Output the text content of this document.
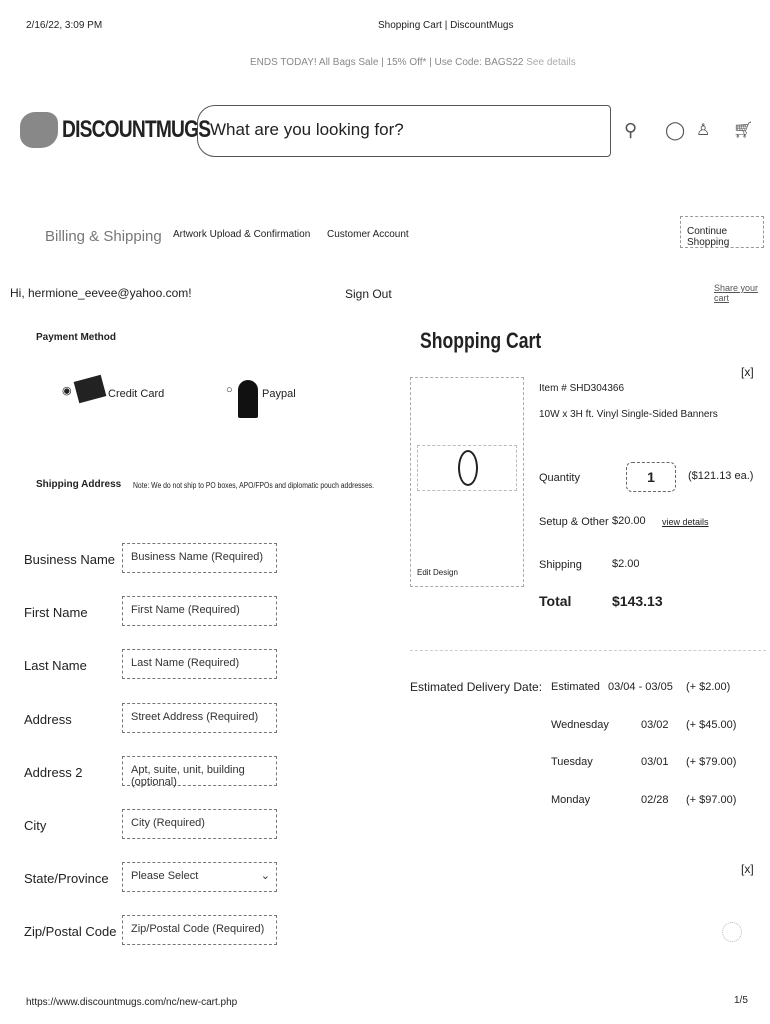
2/16/22, 3:09 PM	Shopping Cart | DiscountMugs
ENDS TODAY! All Bags Sale | 15% Off* | Use Code: BAGS22 See details
DISCOUNTMUGS What are you looking for?	⚲ ◯ ♙ 🛒︎
Billing & Shipping Artwork Upload & Confirmation Customer Account	Continue Shopping
Hi, hermione_eevee@yahoo.com!	Sign Out	Share your cart
Payment Method
◉	Credit Card	○	Paypal
Shipping Address Note: We do not ship to PO boxes, APO/FPOs and diplomatic pouch addresses.
Business Name	Business Name (Required)
First Name	First Name (Required)
Last Name	Last Name (Required)
Address	Street Address (Required)
Address 2	Apt, suite, unit, building (optional)
City	City (Required)
State/Province	Please Select	⌄
Zip/Postal Code	Zip/Postal Code (Required)
Shopping Cart
[x]
Edit Design
Item # SHD304366
10W x 3H ft. Vinyl Single-Sided Banners
Quantity	1	($121.13 ea.)
Setup & Other $20.00 view details
Shipping	$2.00
Total	$143.13
Estimated Delivery Date: Estimated 03/04 - 03/05 (+ $2.00)
Wednesday	03/02 (+ $45.00)
Tuesday	03/01 (+ $79.00)
Monday	02/28 (+ $97.00)
[x]
https://www.discountmugs.com/nc/new-cart.php	1/5
